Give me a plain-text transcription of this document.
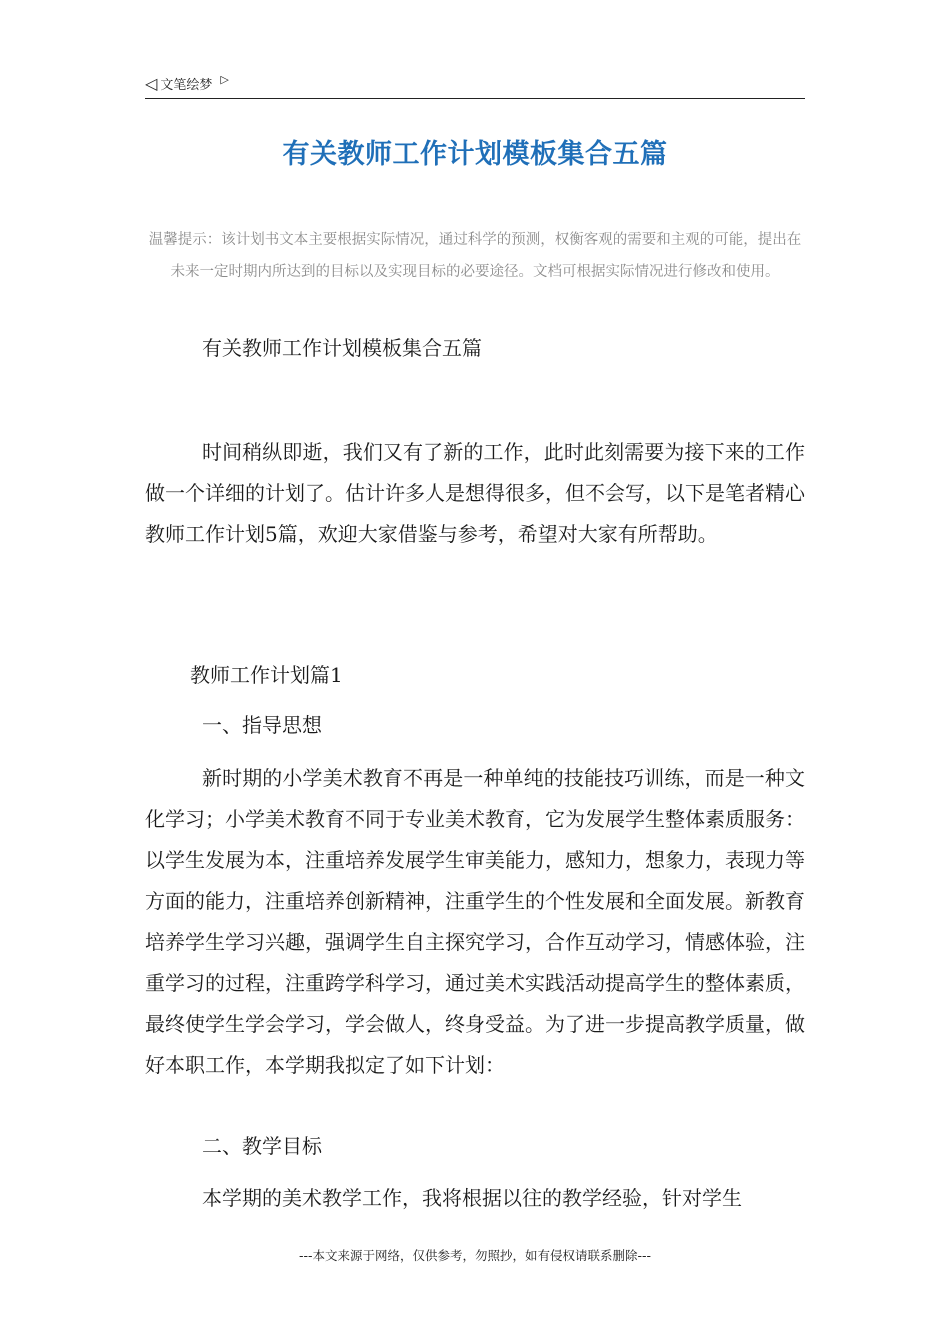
◁ 文笔绘梦 ▷
有关教师工作计划模板集合五篇
温馨提示：该计划书文本主要根据实际情况，通过科学的预测，权衡客观的需要和主观的可能，提出在未来一定时期内所达到的目标以及实现目标的必要途径。文档可根据实际情况进行修改和使用。
有关教师工作计划模板集合五篇
时间稍纵即逝，我们又有了新的工作，此时此刻需要为接下来的工作做一个详细的计划了。估计许多人是想得很多，但不会写，以下是笔者精心教师工作计划5篇，欢迎大家借鉴与参考，希望对大家有所帮助。
教师工作计划篇1
一、指导思想
新时期的小学美术教育不再是一种单纯的技能技巧训练，而是一种文化学习；小学美术教育不同于专业美术教育，它为发展学生整体素质服务：以学生发展为本，注重培养发展学生审美能力，感知力，想象力，表现力等方面的能力，注重培养创新精神，注重学生的个性发展和全面发展。新教育培养学生学习兴趣，强调学生自主探究学习，合作互动学习，情感体验，注重学习的过程，注重跨学科学习，通过美术实践活动提高学生的整体素质，最终使学生学会学习，学会做人，终身受益。为了进一步提高教学质量，做好本职工作，本学期我拟定了如下计划：
二、教学目标
本学期的美术教学工作，我将根据以往的教学经验，针对学生
---本文来源于网络，仅供参考，勿照抄，如有侵权请联系删除---
